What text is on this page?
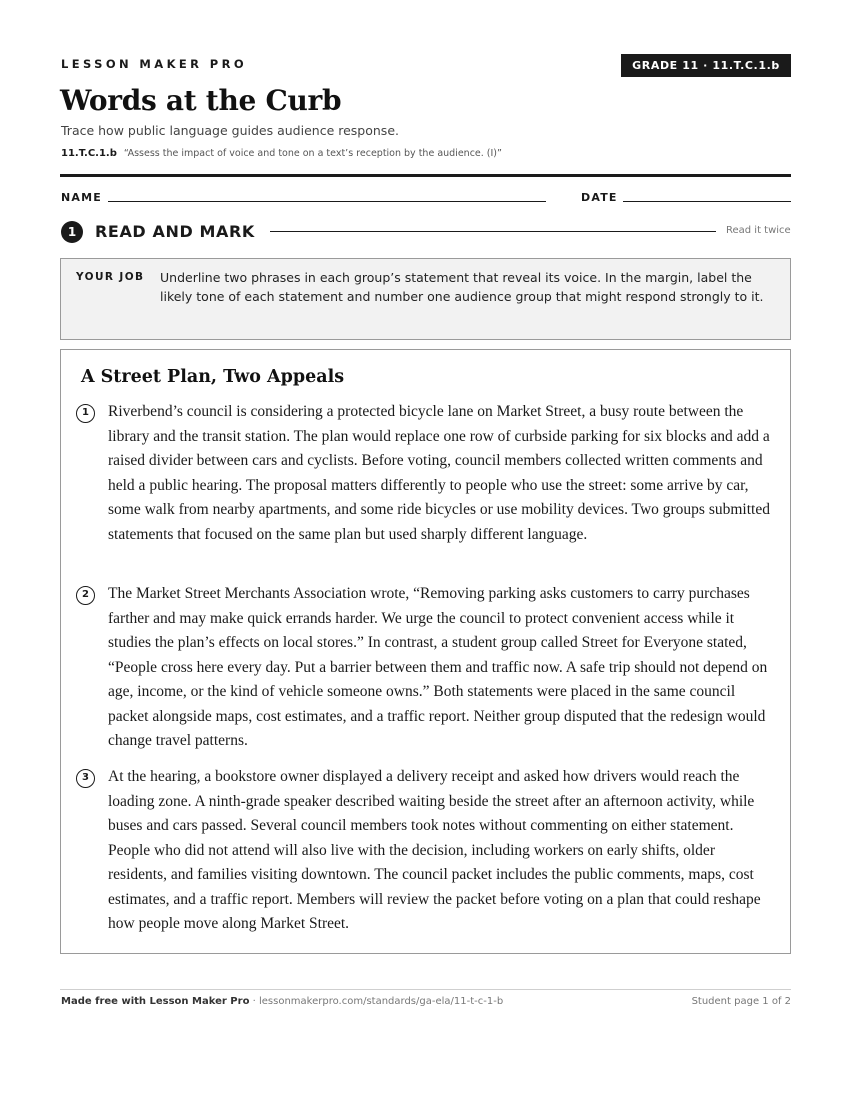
LESSON MAKER PRO	GRADE 11 · 11.T.C.1.b
Words at the Curb
Trace how public language guides audience response.
11.T.C.1.b “Assess the impact of voice and tone on a text’s reception by the audience. (I)”
NAME	DATE
1	READ AND MARK	Read it twice
YOUR JOB Underline two phrases in each group’s statement that reveal its voice. In the margin, label the likely tone of each statement and number one audience group that might respond strongly to it.
A Street Plan, Two Appeals
1	Riverbend’s council is considering a protected bicycle lane on Market Street, a busy route between the library and the transit station. The plan would replace one row of curbside parking for six blocks and add a raised divider between cars and cyclists. Before voting, council members collected written comments and held a public hearing. The proposal matters differently to people who use the street: some arrive by car, some walk from nearby apartments, and some ride bicycles or use mobility devices. Two groups submitted statements that focused on the same plan but used sharply different language.

2	The Market Street Merchants Association wrote, “Removing parking asks customers to carry purchases farther and may make quick errands harder. We urge the council to protect convenient access while it studies the plan’s effects on local stores.” In contrast, a student group called Street for Everyone stated, “People cross here every day. Put a barrier between them and traffic now. A safe trip should not depend on age, income, or the kind of vehicle someone owns.” Both statements were placed in the same council packet alongside maps, cost estimates, and a traffic report. Neither group disputed that the redesign would change travel patterns.

3	At the hearing, a bookstore owner displayed a delivery receipt and asked how drivers would reach the loading zone. A ninth-grade speaker described waiting beside the street after an afternoon activity, while buses and cars passed. Several council members took notes without commenting on either statement. People who did not attend will also live with the decision, including workers on early shifts, older residents, and families visiting downtown. The council packet includes the public comments, maps, cost estimates, and a traffic report. Members will review the packet before voting on a plan that could reshape how people move along Market Street.

Made free with Lesson Maker Pro · lessonmakerpro.com/standards/ga-ela/11-t-c-1-b	Student page 1 of 2
